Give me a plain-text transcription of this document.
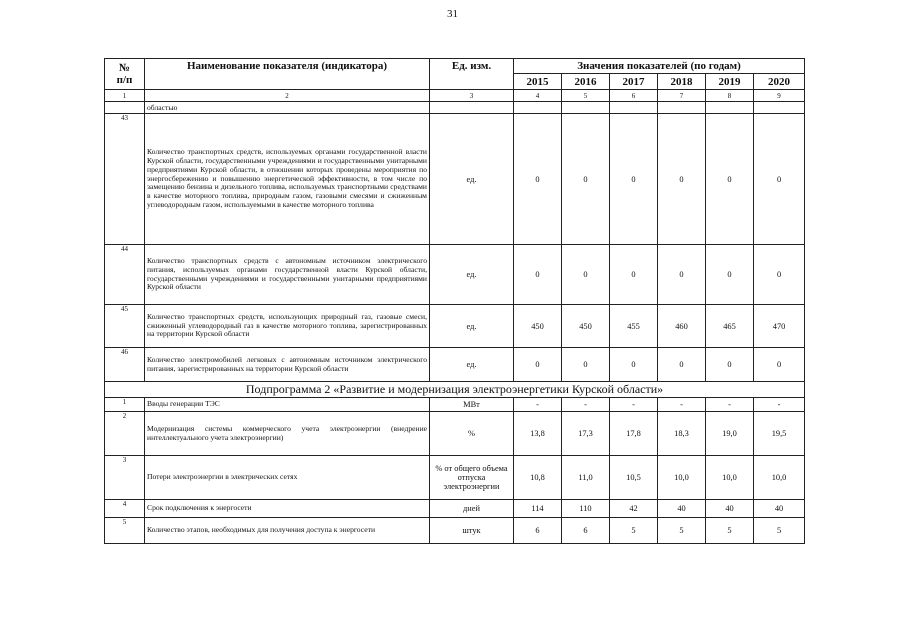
31
№
п/п	Наименование показателя (индикатора)	Ед. изм.	Значения показателей (по годам)					
			2015	2016	2017	2018	2019	2020
1	2	3	4	5	6	7	8	9
	областью							
43	Количество транспортных средств, используемых органами государственной власти Курской области, государственными учреждениями и государственными унитарными предприятиями Курской области, в отношении которых проведены мероприятия по энергосбережению и повышению энергетической эффективности, в том числе по замещению бензина и дизельного топлива, используемых транспортными средствами в качестве моторного топлива, природным газом, газовыми смесями и сжиженным углеводородным газом, используемыми в качестве моторного топлива	ед.	0	0	0	0	0	0
44	Количество транспортных средств с автономным источником электрического питания, используемых органами государственной власти Курской области, государственными учреждениями и государственными унитарными предприятиями Курской области	ед.	0	0	0	0	0	0
45	Количество транспортных средств, использующих природный газ, газовые смеси, сжиженный углеводородный газ в качестве моторного топлива, зарегистрированных на территории Курской области	ед.	450	450	455	460	465	470
46	Количество электромобилей легковых с автономным источником электрического питания, зарегистрированных на территории Курской области	ед.	0	0	0	0	0	0
Подпрограмма 2 «Развитие и модернизация электроэнергетики Курской области»								
1	Вводы генерации ТЭС	МВт	-	-	-	-	-	-
2	Модернизация системы коммерческого учета электроэнергии (внедрение интеллектуального учета электроэнергии)	%	13,8	17,3	17,8	18,3	19,0	19,5
3	Потери электроэнергии в электрических сетях	% от общего объема отпуска электроэнергии	10,8	11,0	10,5	10,0	10,0	10,0
4	Срок подключения к энергосети	дней	114	110	42	40	40	40
5	Количество этапов, необходимых для получения доступа к энергосети	штук	6	6	5	5	5	5
